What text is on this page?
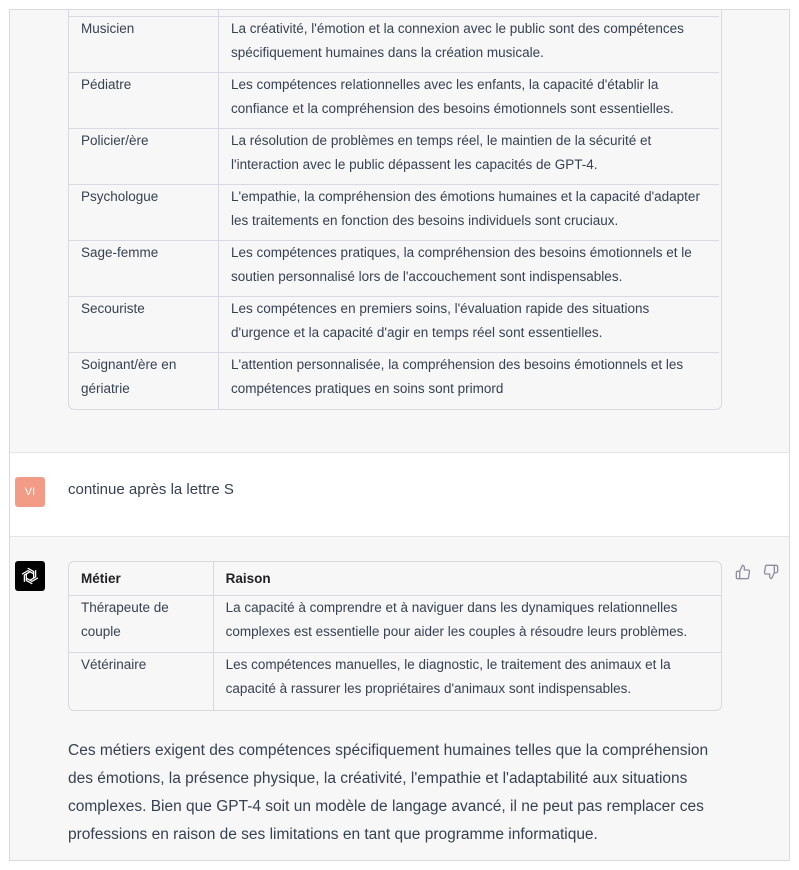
Musicien	La créativité, l'émotion et la connexion avec le public sont des compétences spécifiquement humaines dans la création musicale.
Pédiatre	Les compétences relationnelles avec les enfants, la capacité d'établir la confiance et la compréhension des besoins émotionnels sont essentielles.
Policier/ère	La résolution de problèmes en temps réel, le maintien de la sécurité et l'interaction avec le public dépassent les capacités de GPT-4.
Psychologue	L'empathie, la compréhension des émotions humaines et la capacité d'adapter les traitements en fonction des besoins individuels sont cruciaux.
Sage-femme	Les compétences pratiques, la compréhension des besoins émotionnels et le soutien personnalisé lors de l'accouchement sont indispensables.
Secouriste	Les compétences en premiers soins, l'évaluation rapide des situations d'urgence et la capacité d'agir en temps réel sont essentielles.
Soignant/ère en gériatrie	L'attention personnalisée, la compréhension des besoins émotionnels et les compétences pratiques en soins sont primord
VI continue après la lettre S
Métier	Raison
Thérapeute de couple	La capacité à comprendre et à naviguer dans les dynamiques relationnelles complexes est essentielle pour aider les couples à résoudre leurs problèmes.
Vétérinaire	Les compétences manuelles, le diagnostic, le traitement des animaux et la capacité à rassurer les propriétaires d'animaux sont indispensables.

Ces métiers exigent des compétences spécifiquement humaines telles que la compréhension des émotions, la présence physique, la créativité, l'empathie et l'adaptabilité aux situations complexes. Bien que GPT-4 soit un modèle de langage avancé, il ne peut pas remplacer ces professions en raison de ses limitations en tant que programme informatique.
